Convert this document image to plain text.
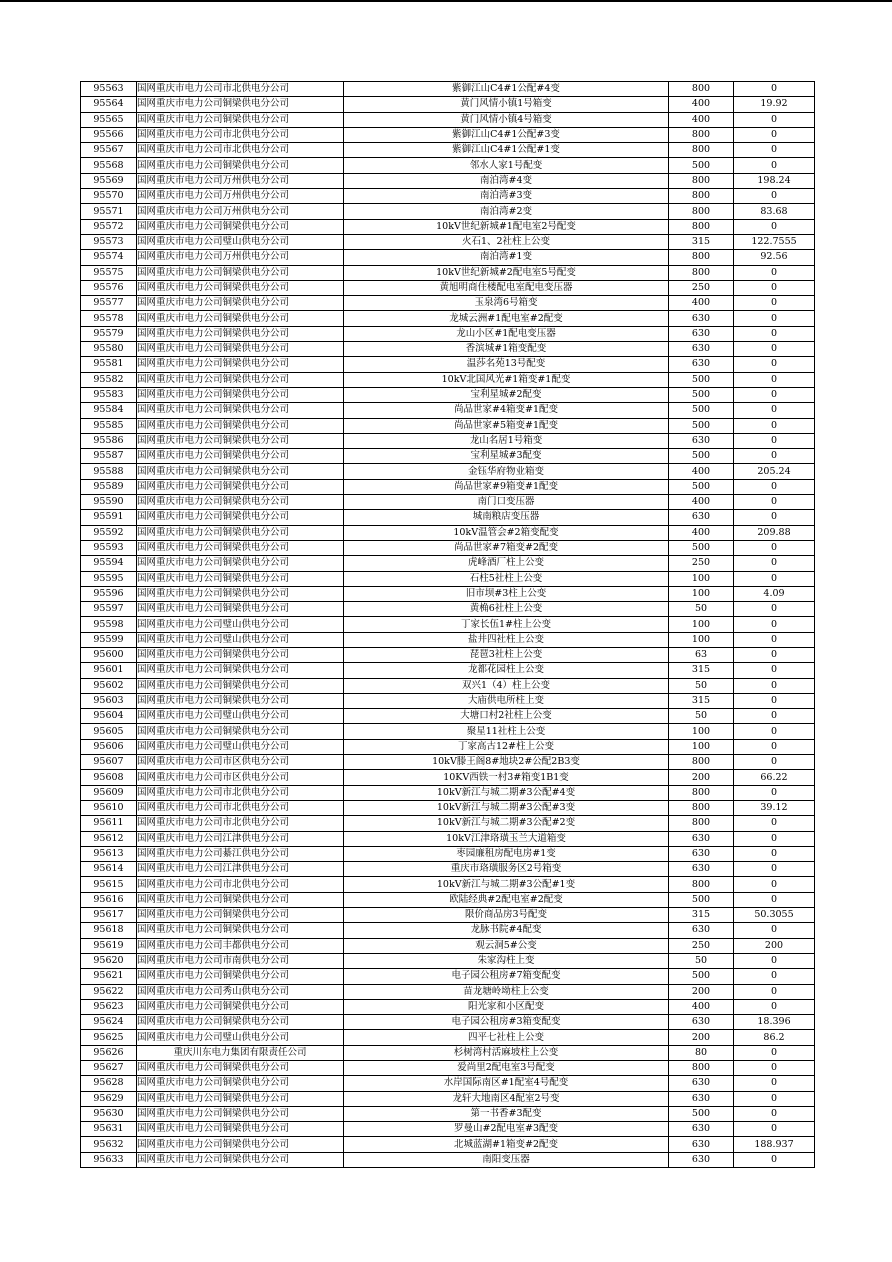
95563	国网重庆市电力公司市北供电分公司	紫御江山C4#1公配#4变	800	0
95564	国网重庆市电力公司铜梁供电分公司	黄门风情小镇1号箱变	400	19.92
95565	国网重庆市电力公司铜梁供电分公司	黄门风情小镇4号箱变	400	0
95566	国网重庆市电力公司市北供电分公司	紫御江山C4#1公配#3变	800	0
95567	国网重庆市电力公司市北供电分公司	紫御江山C4#1公配#1变	800	0
95568	国网重庆市电力公司铜梁供电分公司	邻水人家1号配变	500	0
95569	国网重庆市电力公司万州供电分公司	南泊湾#4变	800	198.24
95570	国网重庆市电力公司万州供电分公司	南泊湾#3变	800	0
95571	国网重庆市电力公司万州供电分公司	南泊湾#2变	800	83.68
95572	国网重庆市电力公司铜梁供电分公司	10kV世纪新城#1配电室2号配变	800	0
95573	国网重庆市电力公司璧山供电分公司	火石1、2社柱上公变	315	122.7555
95574	国网重庆市电力公司万州供电分公司	南泊湾#1变	800	92.56
95575	国网重庆市电力公司铜梁供电分公司	10kV世纪新城#2配电室5号配变	800	0
95576	国网重庆市电力公司铜梁供电分公司	黄旭明商住楼配电室配电变压器	250	0
95577	国网重庆市电力公司铜梁供电分公司	玉泉湾6号箱变	400	0
95578	国网重庆市电力公司铜梁供电分公司	龙城云洲#1配电室#2配变	630	0
95579	国网重庆市电力公司铜梁供电分公司	龙山小区#1配电变压器	630	0
95580	国网重庆市电力公司铜梁供电分公司	香滨城#1箱变配变	630	0
95581	国网重庆市电力公司铜梁供电分公司	温莎名苑13号配变	630	0
95582	国网重庆市电力公司铜梁供电分公司	10kV北国风光#1箱变#1配变	500	0
95583	国网重庆市电力公司铜梁供电分公司	宝利星城#2配变	500	0
95584	国网重庆市电力公司铜梁供电分公司	尚品世家#4箱变#1配变	500	0
95585	国网重庆市电力公司铜梁供电分公司	尚品世家#5箱变#1配变	500	0
95586	国网重庆市电力公司铜梁供电分公司	龙山名居1号箱变	630	0
95587	国网重庆市电力公司铜梁供电分公司	宝利星城#3配变	500	0
95588	国网重庆市电力公司铜梁供电分公司	金钰华府物业箱变	400	205.24
95589	国网重庆市电力公司铜梁供电分公司	尚品世家#9箱变#1配变	500	0
95590	国网重庆市电力公司铜梁供电分公司	南门口变压器	400	0
95591	国网重庆市电力公司铜梁供电分公司	城南粮店变压器	630	0
95592	国网重庆市电力公司铜梁供电分公司	10kV温管会#2箱变配变	400	209.88
95593	国网重庆市电力公司铜梁供电分公司	尚品世家#7箱变#2配变	500	0
95594	国网重庆市电力公司铜梁供电分公司	虎峰酒厂柱上公变	250	0
95595	国网重庆市电力公司铜梁供电分公司	石柱5社柱上公变	100	0
95596	国网重庆市电力公司铜梁供电分公司	旧市坝#3柱上公变	100	4.09
95597	国网重庆市电力公司铜梁供电分公司	黄桷6社柱上公变	50	0
95598	国网重庆市电力公司璧山供电分公司	丁家长伍1#柱上公变	100	0
95599	国网重庆市电力公司璧山供电分公司	盐井四社柱上公变	100	0
95600	国网重庆市电力公司铜梁供电分公司	琵琶3社柱上公变	63	0
95601	国网重庆市电力公司铜梁供电分公司	龙都花园柱上公变	315	0
95602	国网重庆市电力公司铜梁供电分公司	双兴1（4）柱上公变	50	0
95603	国网重庆市电力公司铜梁供电分公司	大庙供电所柱上变	315	0
95604	国网重庆市电力公司璧山供电分公司	大塘口村2社柱上公变	50	0
95605	国网重庆市电力公司铜梁供电分公司	聚星11社柱上公变	100	0
95606	国网重庆市电力公司璧山供电分公司	丁家高古12#柱上公变	100	0
95607	国网重庆市电力公司市区供电分公司	10kV滕王阁8#地块2#公配2B3变	800	0
95608	国网重庆市电力公司市区供电分公司	10KV西铁一村3#箱变1B1变	200	66.22
95609	国网重庆市电力公司市北供电分公司	10kV新江与城二期#3公配#4变	800	0
95610	国网重庆市电力公司市北供电分公司	10kV新江与城二期#3公配#3变	800	39.12
95611	国网重庆市电力公司市北供电分公司	10kV新江与城二期#3公配#2变	800	0
95612	国网重庆市电力公司江津供电分公司	10kV江津珞璜玉兰大道箱变	630	0
95613	国网重庆市电力公司綦江供电分公司	枣园廉租房配电房#1变	630	0
95614	国网重庆市电力公司江津供电分公司	重庆市珞璜服务区2号箱变	630	0
95615	国网重庆市电力公司市北供电分公司	10kV新江与城二期#3公配#1变	800	0
95616	国网重庆市电力公司铜梁供电分公司	欧陆经典#2配电室#2配变	500	0
95617	国网重庆市电力公司铜梁供电分公司	限价商品房3号配变	315	50.3055
95618	国网重庆市电力公司铜梁供电分公司	龙脉书院#4配变	630	0
95619	国网重庆市电力公司丰都供电分公司	观云洞5#公变	250	200
95620	国网重庆市电力公司市南供电分公司	朱家沟柱上变	50	0
95621	国网重庆市电力公司铜梁供电分公司	电子园公租房#7箱变配变	500	0
95622	国网重庆市电力公司秀山供电分公司	苗龙塘岭坳柱上公变	200	0
95623	国网重庆市电力公司铜梁供电分公司	阳光家和小区配变	400	0
95624	国网重庆市电力公司铜梁供电分公司	电子园公租房#3箱变配变	630	18.396
95625	国网重庆市电力公司璧山供电分公司	四平七社柱上公变	200	86.2
95626	重庆川东电力集团有限责任公司	杉树湾村活麻坡柱上公变	80	0
95627	国网重庆市电力公司铜梁供电分公司	爱尚里2配电室3号配变	800	0
95628	国网重庆市电力公司铜梁供电分公司	水岸国际南区#1配室4号配变	630	0
95629	国网重庆市电力公司铜梁供电分公司	龙轩大地南区4配室2号变	630	0
95630	国网重庆市电力公司铜梁供电分公司	第一书香#3配变	500	0
95631	国网重庆市电力公司铜梁供电分公司	罗曼山#2配电室#3配变	630	0
95632	国网重庆市电力公司铜梁供电分公司	北城蓝湖#1箱变#2配变	630	188.937
95633	国网重庆市电力公司铜梁供电分公司	南阳变压器	630	0
